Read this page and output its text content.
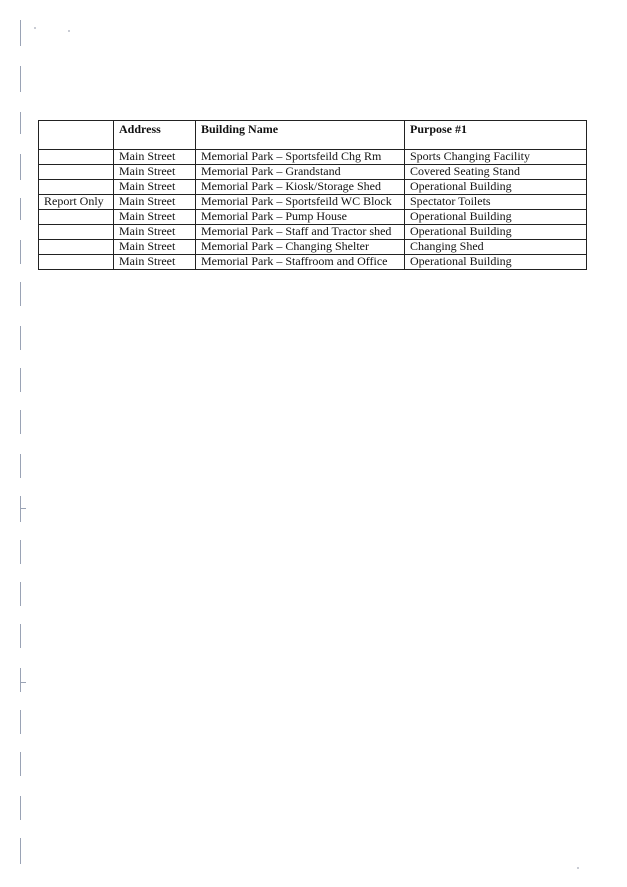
	Address	Building Name	Purpose #1
	Main Street	Memorial Park – Sportsfeild Chg Rm	Sports Changing Facility
	Main Street	Memorial Park – Grandstand	Covered Seating Stand
	Main Street	Memorial Park – Kiosk/Storage Shed	Operational Building
Report Only	Main Street	Memorial Park – Sportsfeild WC Block	Spectator Toilets
	Main Street	Memorial Park – Pump House	Operational Building
	Main Street	Memorial Park – Staff and Tractor shed	Operational Building
	Main Street	Memorial Park – Changing Shelter	Changing Shed
	Main Street	Memorial Park – Staffroom and Office	Operational Building
